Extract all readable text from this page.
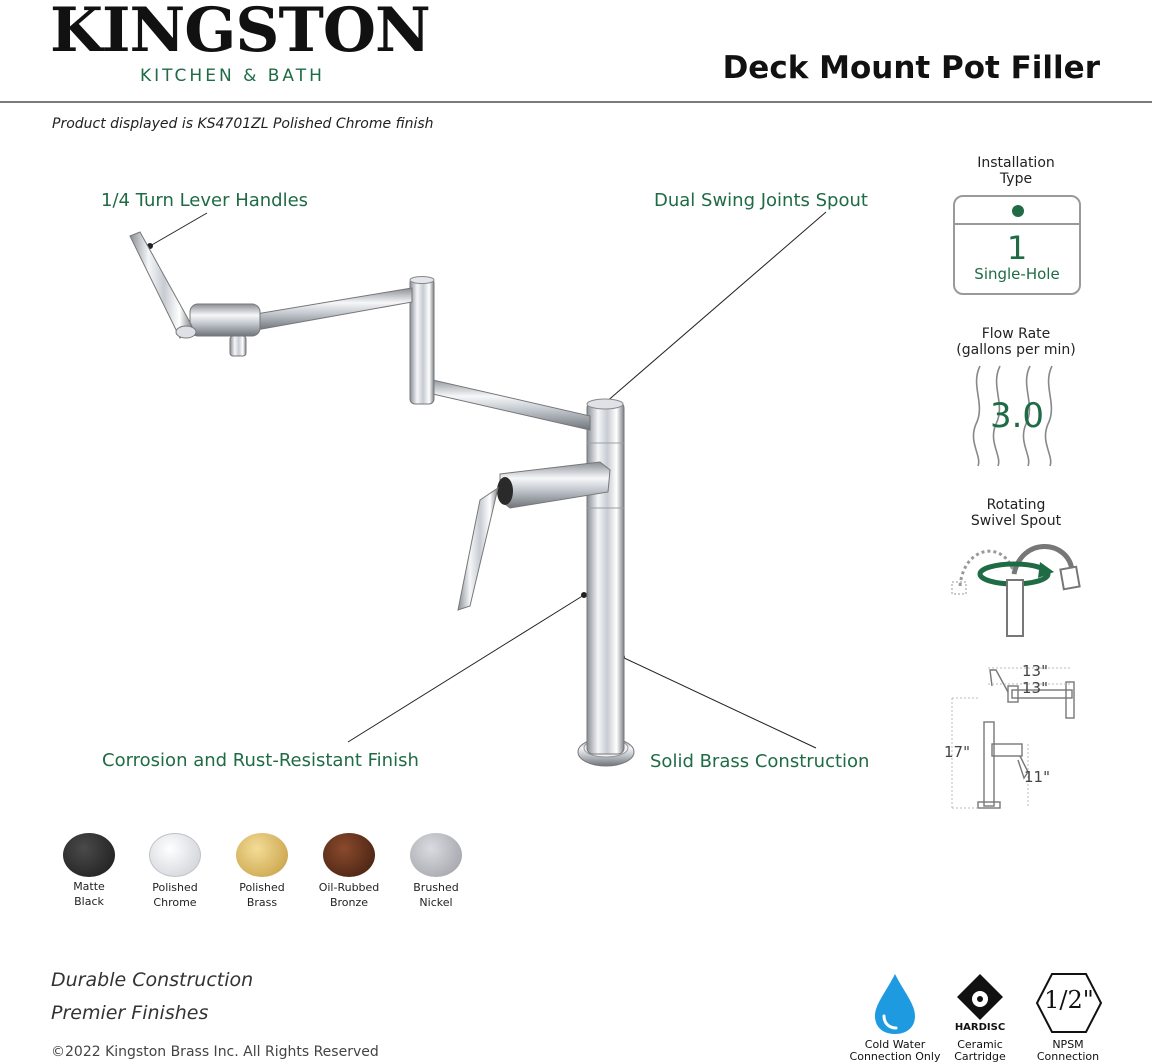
KINGSTON
KITCHEN & BATH	Deck Mount Pot Filler
Product displayed is KS4701ZL Polished Chrome finish
1/4 Turn Lever Handles	Dual Swing Joints Spout
Corrosion and Rust-Resistant Finish	Solid Brass Construction
Installation
Type
1
Single-Hole
Flow Rate
(gallons per min)
3.0
Rotating
Swivel Spout
13"
13"
17"
11"
Matte
Black
Polished
Chrome
Polished
Brass
Oil-Rubbed
Bronze
Brushed
Nickel
Durable Construction
Premier Finishes
©2022 Kingston Brass Inc. All Rights Reserved	Cold Water
Connection Only
HARDISC
Ceramic
Cartridge
1/2"
NPSM
Connection
